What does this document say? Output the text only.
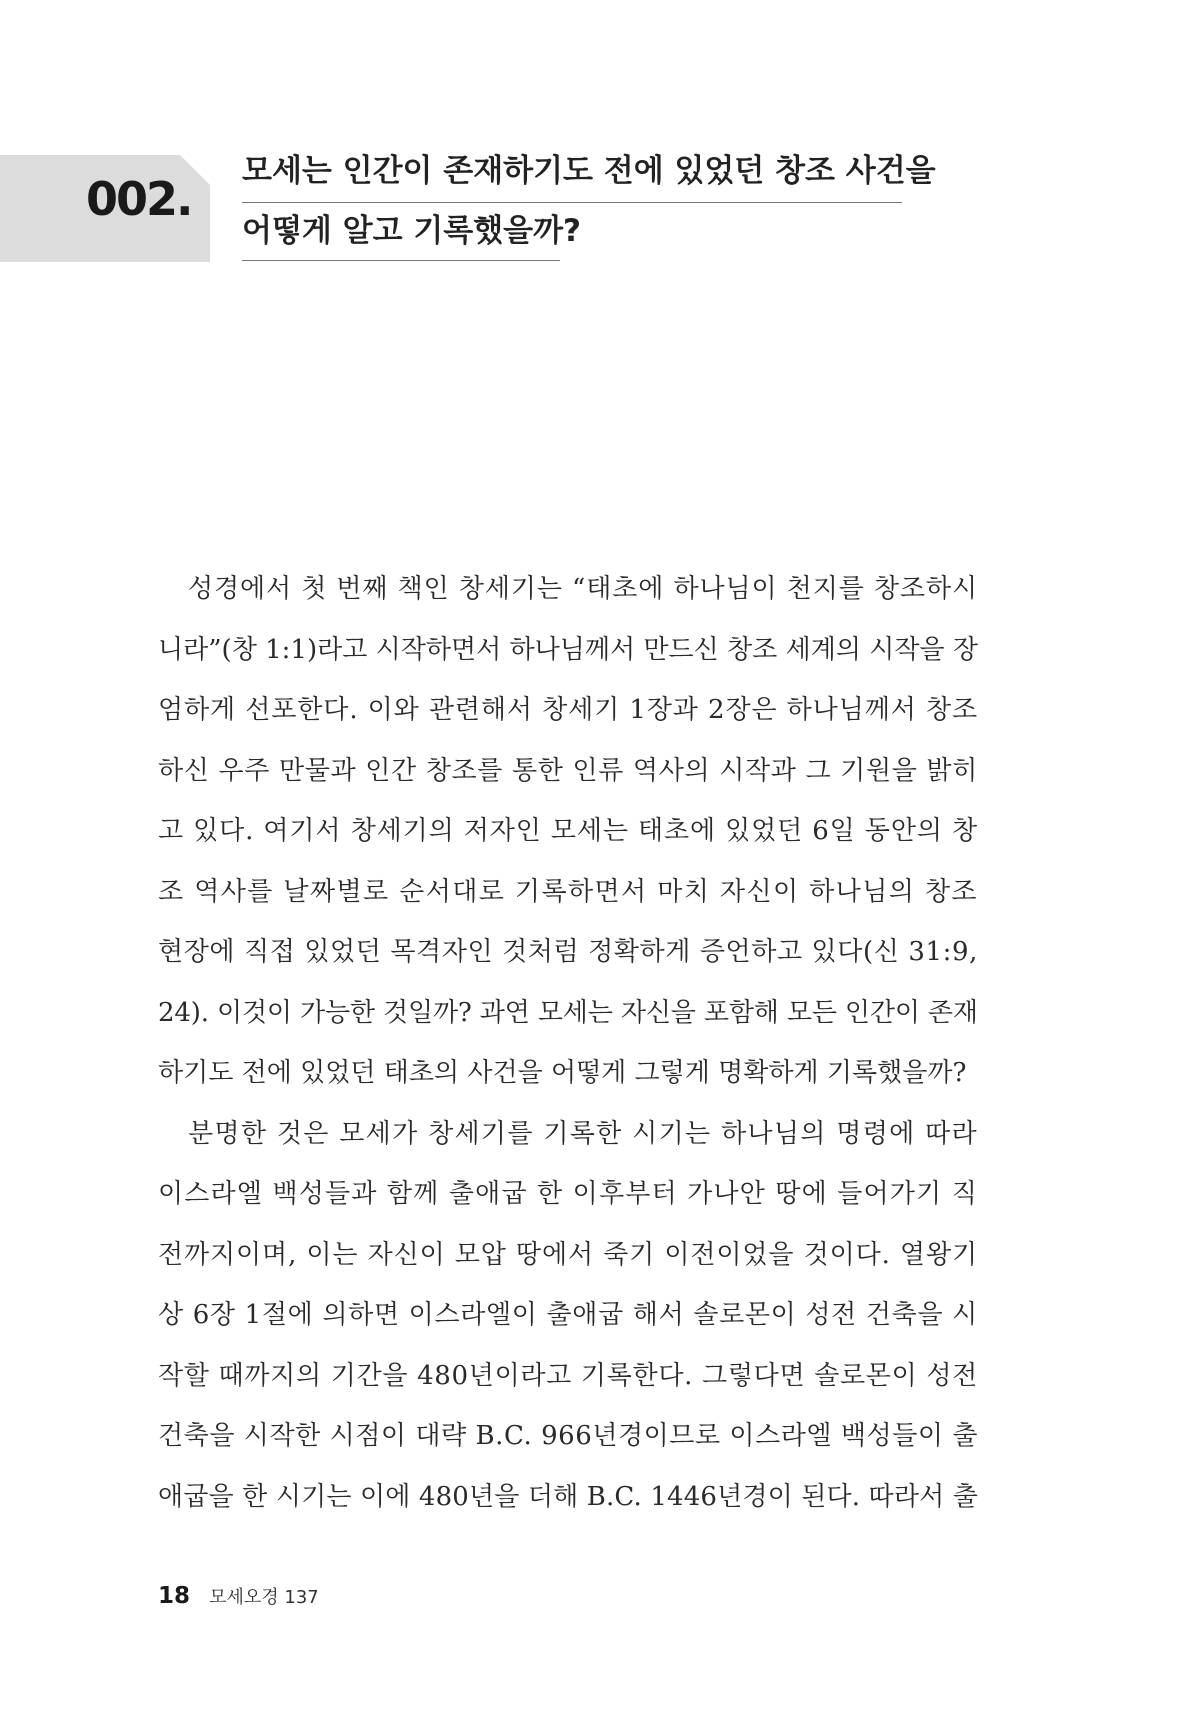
002.
모세는 인간이 존재하기도 전에 있었던 창조 사건을
어떻게 알고 기록했을까?
성경에서 첫 번째 책인 창세기는 “태초에 하나님이 천지를 창조하시
니라”(창 1:1)라고 시작하면서 하나님께서 만드신 창조 세계의 시작을 장
엄하게 선포한다. 이와 관련해서 창세기 1장과 2장은 하나님께서 창조
하신 우주 만물과 인간 창조를 통한 인류 역사의 시작과 그 기원을 밝히
고 있다. 여기서 창세기의 저자인 모세는 태초에 있었던 6일 동안의 창
조 역사를 날짜별로 순서대로 기록하면서 마치 자신이 하나님의 창조
현장에 직접 있었던 목격자인 것처럼 정확하게 증언하고 있다(신 31:9,
24). 이것이 가능한 것일까? 과연 모세는 자신을 포함해 모든 인간이 존재
하기도 전에 있었던 태초의 사건을 어떻게 그렇게 명확하게 기록했을까?
분명한 것은 모세가 창세기를 기록한 시기는 하나님의 명령에 따라
이스라엘 백성들과 함께 출애굽 한 이후부터 가나안 땅에 들어가기 직
전까지이며, 이는 자신이 모압 땅에서 죽기 이전이었을 것이다. 열왕기
상 6장 1절에 의하면 이스라엘이 출애굽 해서 솔로몬이 성전 건축을 시
작할 때까지의 기간을 480년이라고 기록한다. 그렇다면 솔로몬이 성전
건축을 시작한 시점이 대략 B.C. 966년경이므로 이스라엘 백성들이 출
애굽을 한 시기는 이에 480년을 더해 B.C. 1446년경이 된다. 따라서 출
18 모세오경 137
